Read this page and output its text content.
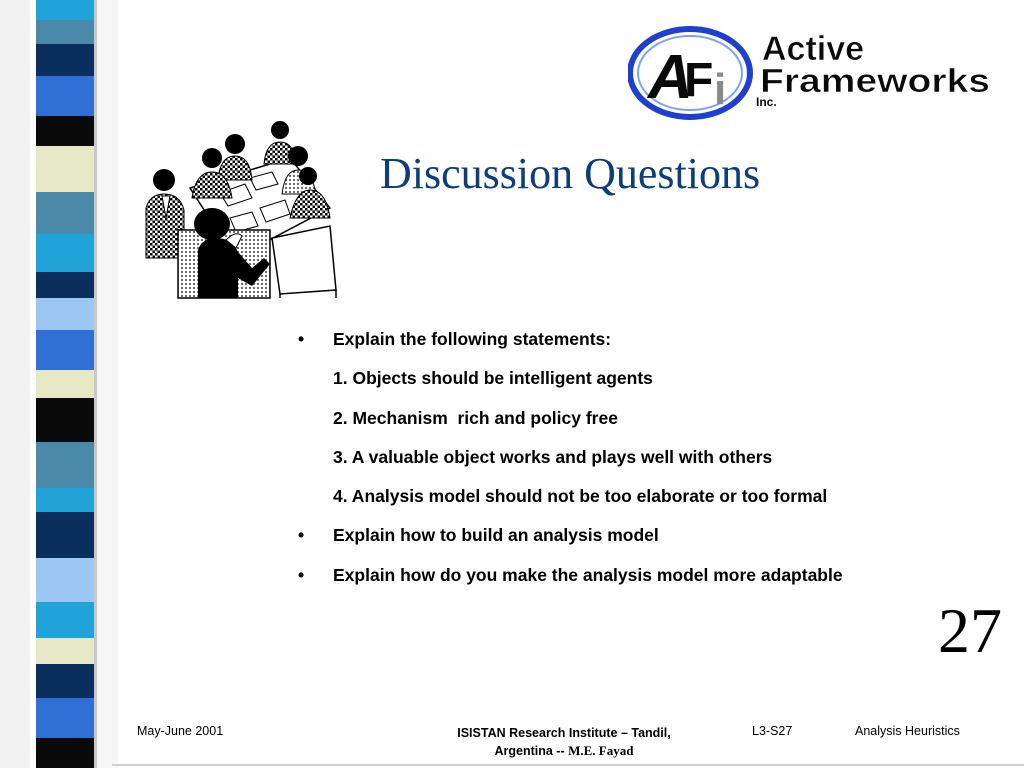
A
F i
Active
Frameworks
Inc.
Discussion Questions
•	Explain the following statements:
1. Objects should be intelligent agents
2. Mechanism  rich and policy free
3. A valuable object works and plays well with others
4. Analysis model should not be too elaborate or too formal
•	Explain how to build an analysis model
•	Explain how do you make the analysis model more adaptable
27
May-June 2001	ISISTAN Research Institute – Tandil,
Argentina -- M.E. Fayad
L3-S27	Analysis Heuristics
